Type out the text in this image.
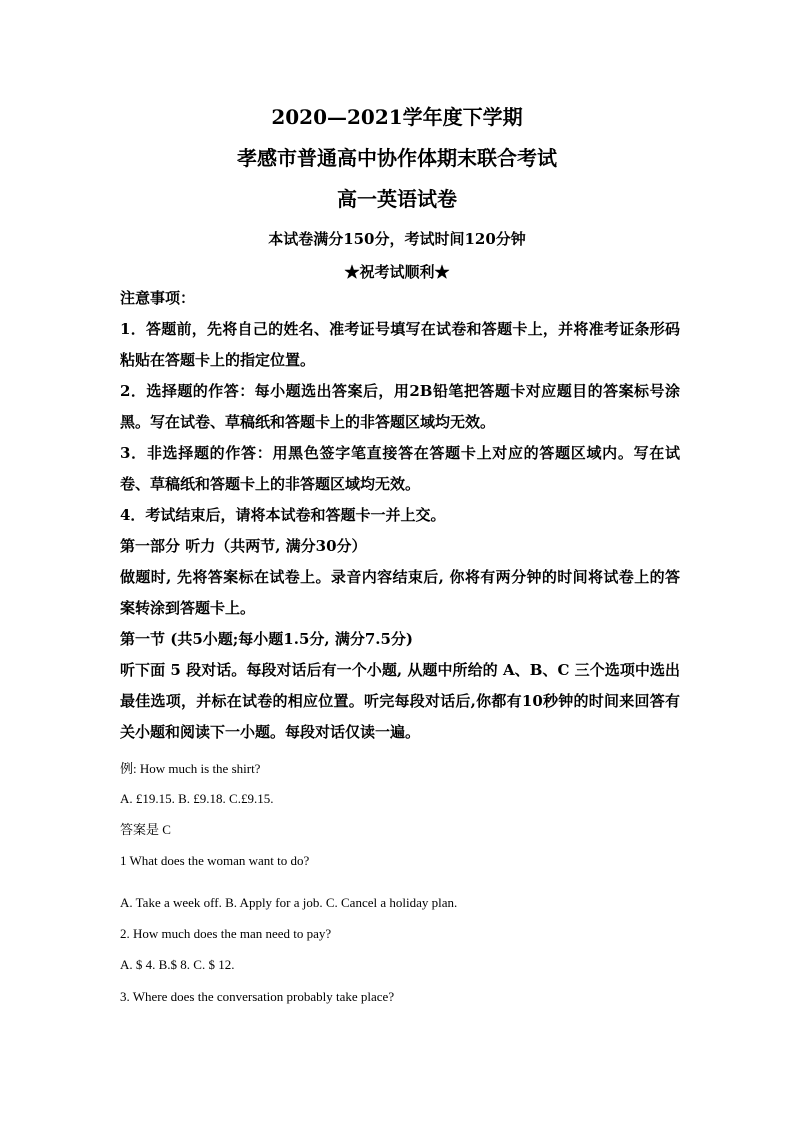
2020—2021学年度下学期
孝感市普通高中协作体期末联合考试
高一英语试卷
本试卷满分150分，考试时间120分钟
★祝考试顺利★

注意事项：

1．答题前，先将自己的姓名、准考证号填写在试卷和答题卡上，并将准考证条形码粘贴在答题卡上的指定位置。

2．选择题的作答：每小题选出答案后，用2B铅笔把答题卡对应题目的答案标号涂黑。写在试卷、草稿纸和答题卡上的非答题区域均无效。

3．非选择题的作答：用黑色签字笔直接答在答题卡上对应的答题区域内。写在试卷、草稿纸和答题卡上的非答题区域均无效。

4．考试结束后，请将本试卷和答题卡一并上交。

第一部分 听力（共两节, 满分30分）

做题时, 先将答案标在试卷上。录音内容结束后, 你将有两分钟的时间将试卷上的答案转涂到答题卡上。

第一节 (共5小题;每小题1.5分, 满分7.5分)

听下面 5 段对话。每段对话后有一个小题, 从题中所给的 A、B、C 三个选项中选出最佳选项，并标在试卷的相应位置。听完每段对话后,你都有10秒钟的时间来回答有关小题和阅读下一小题。每段对话仅读一遍。

例: How much is the shirt?
A. £19.15. B. £9.18. C.£9.15.
答案是 C
1 What does the woman want to do?
A. Take a week off. B. Apply for a job. C. Cancel a holiday plan.
2. How much does the man need to pay?
A. $ 4. B.$ 8. C. $ 12.
3. Where does the conversation probably take place?
